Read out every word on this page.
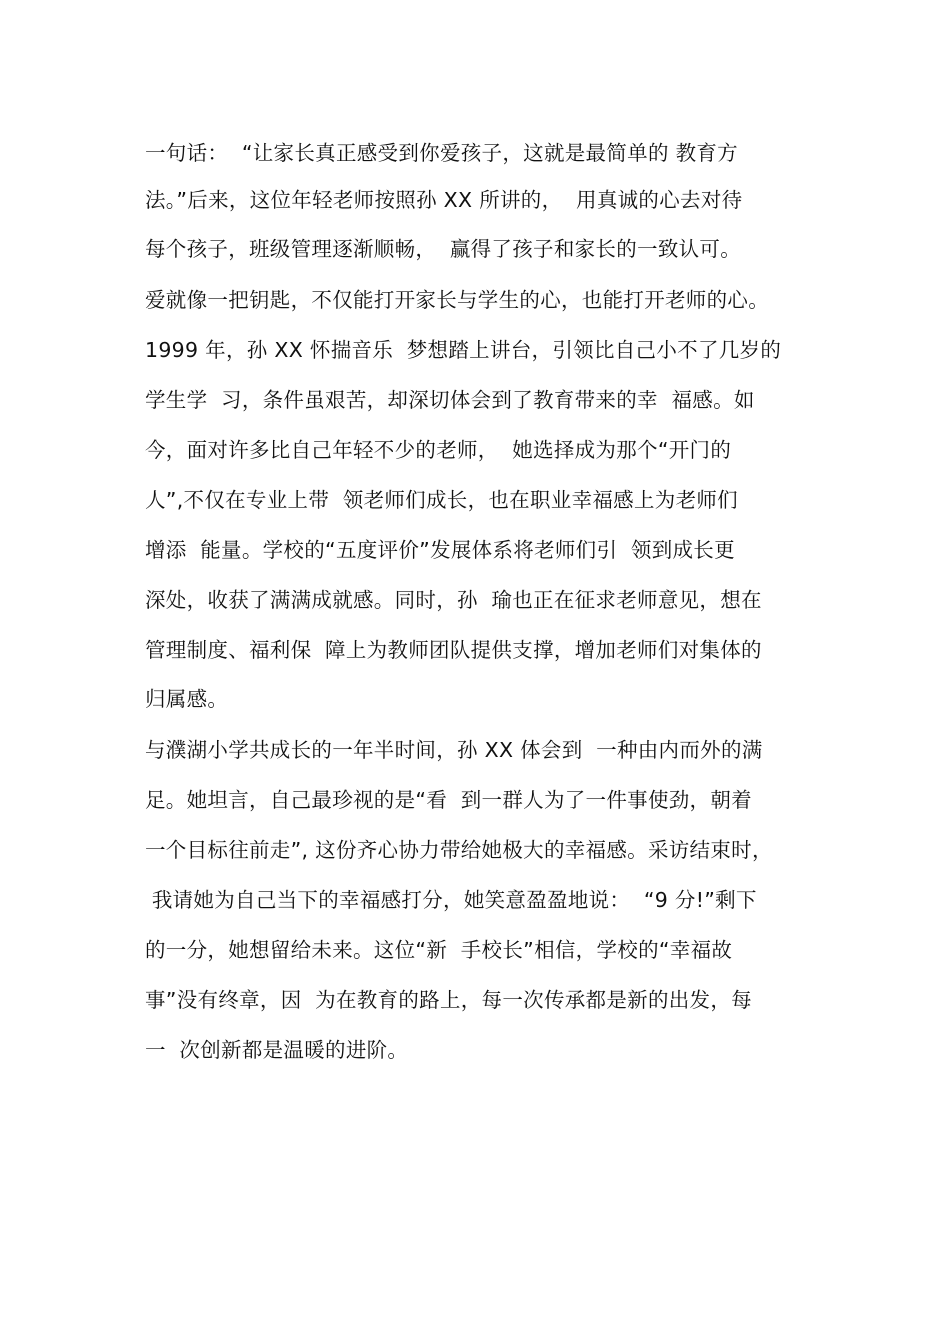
一句话：  “让家长真正感受到你爱孩子，这就是最简单的 教育方
法。”后来，这位年轻老师按照孙 XX 所讲的，  用真诚的心去对待
每个孩子，班级管理逐渐顺畅，  赢得了孩子和家长的一致认可。
爱就像一把钥匙，不仅能打开家长与学生的心，也能打开老师的心。
1999 年，孙 XX 怀揣音乐  梦想踏上讲台，引领比自己小不了几岁的
学生学  习，条件虽艰苦，却深切体会到了教育带来的幸  福感。如
今，面对许多比自己年轻不少的老师，  她选择成为那个“开门的
人”,不仅在专业上带  领老师们成长，也在职业幸福感上为老师们
增添  能量。学校的“五度评价”发展体系将老师们引  领到成长更
深处，收获了满满成就感。同时，孙  瑜也正在征求老师意见，想在
管理制度、福利保  障上为教师团队提供支撑，增加老师们对集体的
归属感。
与濮湖小学共成长的一年半时间，孙 XX 体会到  一种由内而外的满
足。她坦言，自己最珍视的是“看  到一群人为了一件事使劲，朝着
一个目标往前走”, 这份齐心协力带给她极大的幸福感。采访结束时，
我请她为自己当下的幸福感打分，她笑意盈盈地说：  “9 分!”剩下
的一分，她想留给未来。这位“新  手校长”相信，学校的“幸福故
事”没有终章，因  为在教育的路上，每一次传承都是新的出发，每
一  次创新都是温暖的进阶。
